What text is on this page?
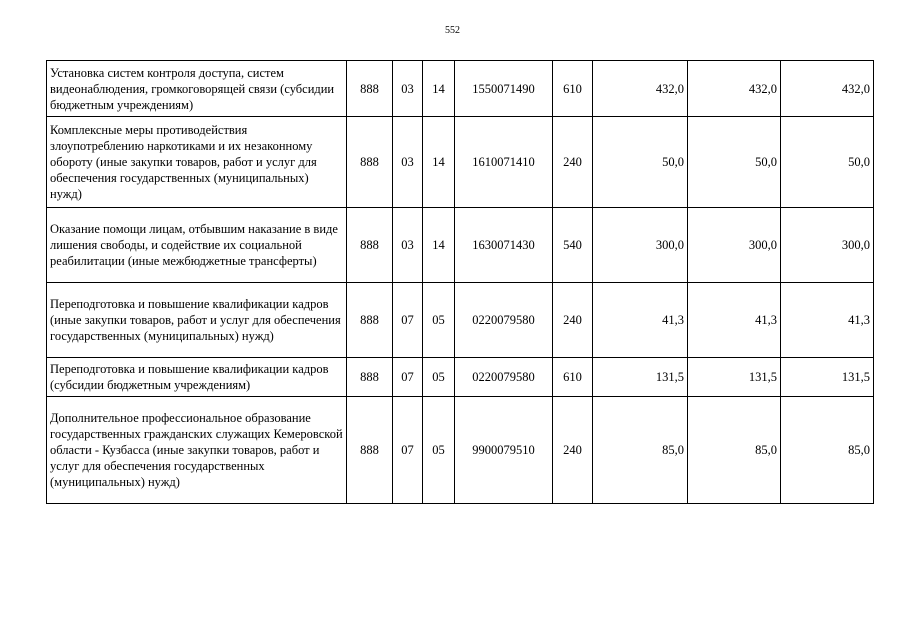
552
Установка систем контроля доступа, систем видеонаблюдения, громкоговорящей связи (субсидии бюджетным учреждениям)	888	03	14	1550071490	610	432,0	432,0	432,0
Комплексные меры противодействия злоупотреблению наркотиками и их незаконному обороту (иные закупки товаров, работ и услуг для обеспечения государственных (муниципальных) нужд)	888	03	14	1610071410	240	50,0	50,0	50,0
Оказание помощи лицам, отбывшим наказание в виде лишения свободы, и содействие их социальной реабилитации (иные межбюджетные трансферты)	888	03	14	1630071430	540	300,0	300,0	300,0
Переподготовка и повышение квалификации кадров (иные закупки товаров, работ и услуг для обеспечения государственных (муниципальных) нужд)	888	07	05	0220079580	240	41,3	41,3	41,3
Переподготовка и повышение квалификации кадров (субсидии бюджетным учреждениям)	888	07	05	0220079580	610	131,5	131,5	131,5
Дополнительное профессиональное образование государственных гражданских служащих Кемеровской области - Кузбасса (иные закупки товаров, работ и услуг для обеспечения государственных (муниципальных) нужд)	888	07	05	9900079510	240	85,0	85,0	85,0
